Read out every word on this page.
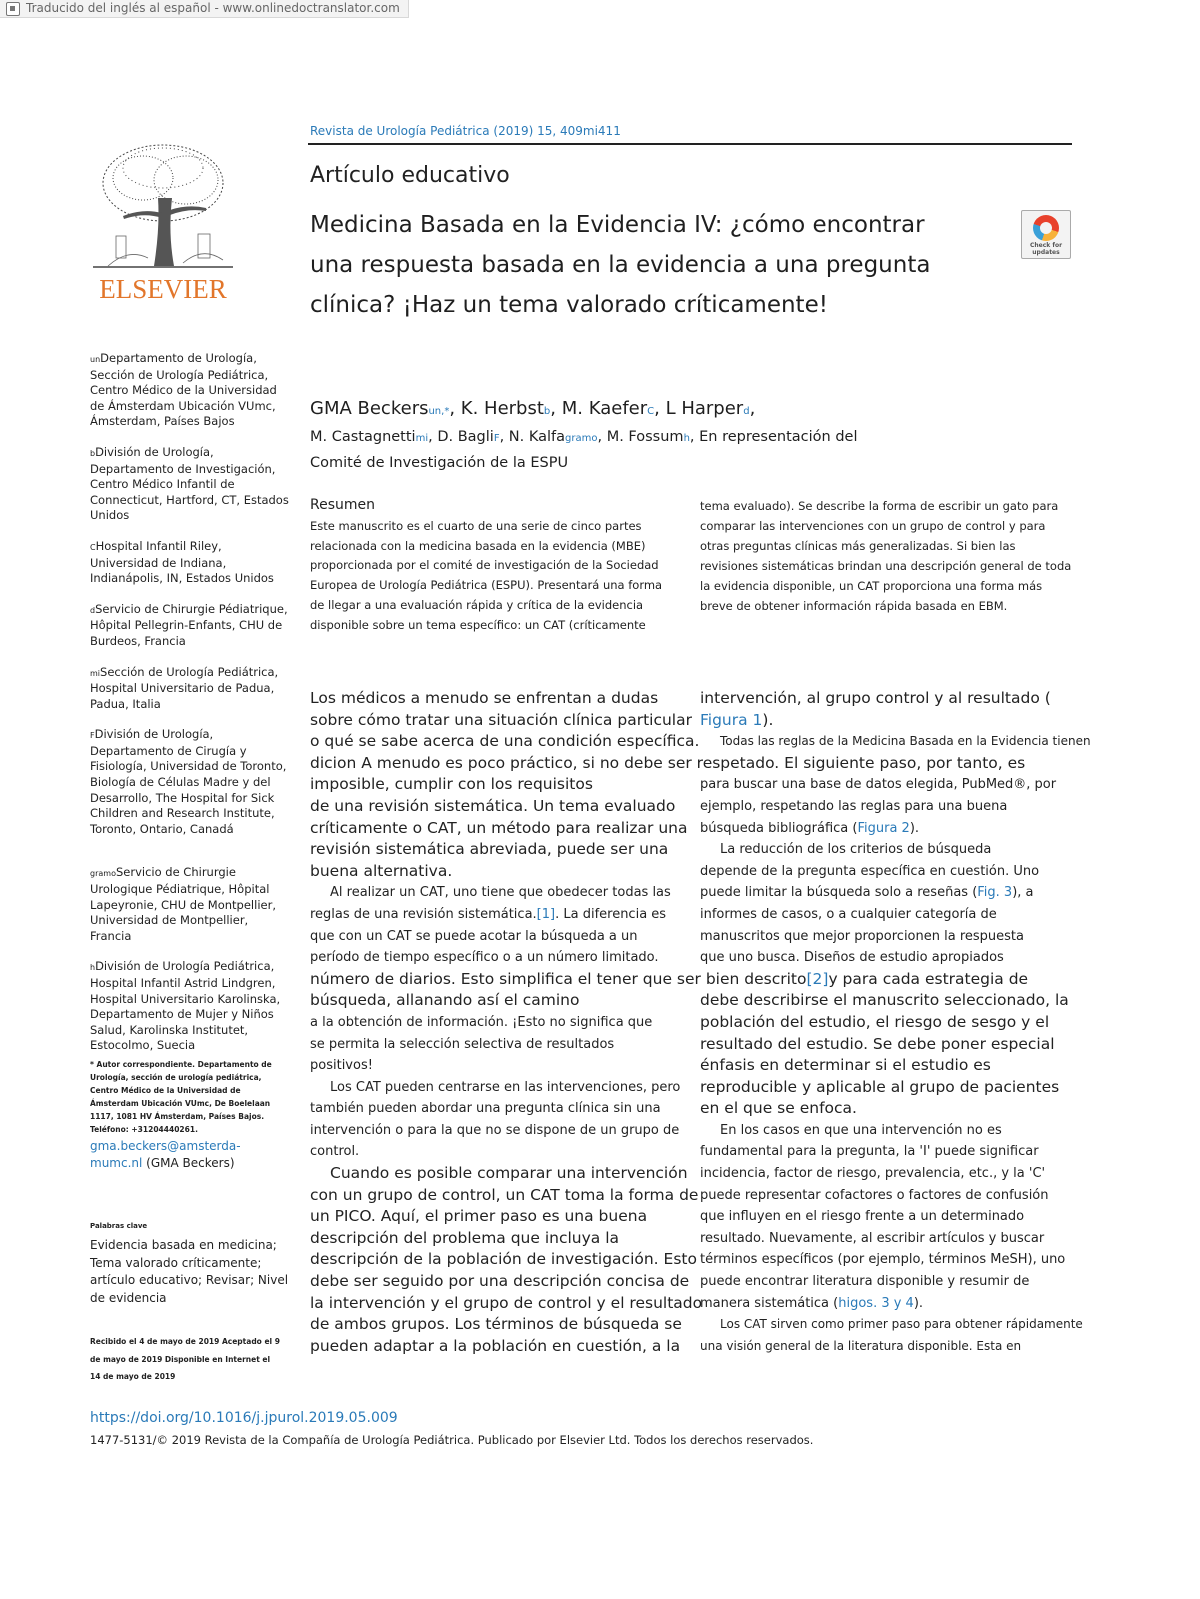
Traducido del inglés al español - www.onlinedoctranslator.com
ELSEVIER
Revista de Urología Pediátrica (2019) 15, 409mi411
Artículo educativo
Medicina Basada en la Evidencia IV: ¿cómo encontrar
una respuesta basada en la evidencia a una pregunta
clínica? ¡Haz un tema valorado críticamente!
Check for updates
GMA Beckersun,*, K. Herbstb, M. KaeferC, L Harperd,
M. Castagnettimi, D. BagliF, N. Kalfagramo, M. Fossumh, En representación del
Comité de Investigación de la ESPU

unDepartamento de Urología, Sección de Urología Pediátrica, Centro Médico de la Universidad de Ámsterdam Ubicación VUmc, Ámsterdam, Países Bajos

bDivisión de Urología, Departamento de Investigación, Centro Médico Infantil de Connecticut, Hartford, CT, Estados Unidos

CHospital Infantil Riley, Universidad de Indiana, Indianápolis, IN, Estados Unidos

dServicio de Chirurgie Pédiatrique, Hôpital Pellegrin-Enfants, CHU de Burdeos, Francia

miSección de Urología Pediátrica, Hospital Universitario de Padua, Padua, Italia

FDivisión de Urología, Departamento de Cirugía y Fisiología, Universidad de Toronto, Biología de Células Madre y del Desarrollo, The Hospital for Sick Children and Research Institute, Toronto, Ontario, Canadá

gramoServicio de Chirurgie Urologique Pédiatrique, Hôpital Lapeyronie, CHU de Montpellier, Universidad de Montpellier, Francia

hDivisión de Urología Pediátrica, Hospital Infantil Astrid Lindgren, Hospital Universitario Karolinska, Departamento de Mujer y Niños Salud, Karolinska Institutet, Estocolmo, Suecia

* Autor correspondiente. Departamento de Urología, sección de urología pediátrica, Centro Médico de la Universidad de Ámsterdam Ubicación VUmc, De Boelelaan 1117, 1081 HV Ámsterdam, Países Bajos. Teléfono: +31204440261.

gma.beckers@amsterda-mumc.nl (GMA Beckers)

Palabras clave

Evidencia basada en medicina; Tema valorado críticamente; artículo educativo; Revisar; Nivel de evidencia

Recibido el 4 de mayo de 2019 Aceptado el 9 de mayo de 2019 Disponible en Internet el 14 de mayo de 2019

Resumen

Este manuscrito es el cuarto de una serie de cinco partes relacionada con la medicina basada en la evidencia (MBE) proporcionada por el comité de investigación de la Sociedad Europea de Urología Pediátrica (ESPU). Presentará una forma de llegar a una evaluación rápida y crítica de la evidencia disponible sobre un tema específico: un CAT (críticamente

tema evaluado). Se describe la forma de escribir un gato para comparar las intervenciones con un grupo de control y para otras preguntas clínicas más generalizadas. Si bien las revisiones sistemáticas brindan una descripción general de toda la evidencia disponible, un CAT proporciona una forma más breve de obtener información rápida basada en EBM.

Los médicos a menudo se enfrentan a dudas
sobre cómo tratar una situación clínica particular
o qué se sabe acerca de una condición específica.
dicion A menudo es poco práctico, si no debe ser respetado. El siguiente paso, por tanto, es
imposible, cumplir con los requisitos
de una revisión sistemática. Un tema evaluado
críticamente o CAT, un método para realizar una
revisión sistemática abreviada, puede ser una
buena alternativa.
Al realizar un CAT, uno tiene que obedecer todas las
reglas de una revisión sistemática.[1]. La diferencia es
que con un CAT se puede acotar la búsqueda a un
período de tiempo específico o a un número limitado.
número de diarios. Esto simplifica el tener que ser bien descrito[2]y para cada estrategia de
búsqueda, allanando así el camino
a la obtención de información. ¡Esto no significa que
se permita la selección selectiva de resultados
positivos!
Los CAT pueden centrarse en las intervenciones, pero
también pueden abordar una pregunta clínica sin una
intervención o para la que no se dispone de un grupo de
control.
Cuando es posible comparar una intervención
con un grupo de control, un CAT toma la forma de
un PICO. Aquí, el primer paso es una buena
descripción del problema que incluya la
descripción de la población de investigación. Esto
debe ser seguido por una descripción concisa de
la intervención y el grupo de control y el resultado
de ambos grupos. Los términos de búsqueda se
pueden adaptar a la población en cuestión, a la
intervención, al grupo control y al resultado (
Figura 1).
Todas las reglas de la Medicina Basada en la Evidencia tienen

para buscar una base de datos elegida, PubMed®, por
ejemplo, respetando las reglas para una buena
búsqueda bibliográfica (Figura 2).
La reducción de los criterios de búsqueda
depende de la pregunta específica en cuestión. Uno
puede limitar la búsqueda solo a reseñas (Fig. 3), a
informes de casos, o a cualquier categoría de
manuscritos que mejor proporcionen la respuesta
que uno busca. Diseños de estudio apropiados

debe describirse el manuscrito seleccionado, la
población del estudio, el riesgo de sesgo y el
resultado del estudio. Se debe poner especial
énfasis en determinar si el estudio es
reproducible y aplicable al grupo de pacientes
en el que se enfoca.
En los casos en que una intervención no es
fundamental para la pregunta, la 'I' puede significar
incidencia, factor de riesgo, prevalencia, etc., y la 'C'
puede representar cofactores o factores de confusión
que influyen en el riesgo frente a un determinado
resultado. Nuevamente, al escribir artículos y buscar
términos específicos (por ejemplo, términos MeSH), uno
puede encontrar literatura disponible y resumir de
manera sistemática (higos. 3 y 4).
Los CAT sirven como primer paso para obtener rápidamente
una visión general de la literatura disponible. Esta en
https://doi.org/10.1016/j.jpurol.2019.05.009
1477-5131/© 2019 Revista de la Compañía de Urología Pediátrica. Publicado por Elsevier Ltd. Todos los derechos reservados.
